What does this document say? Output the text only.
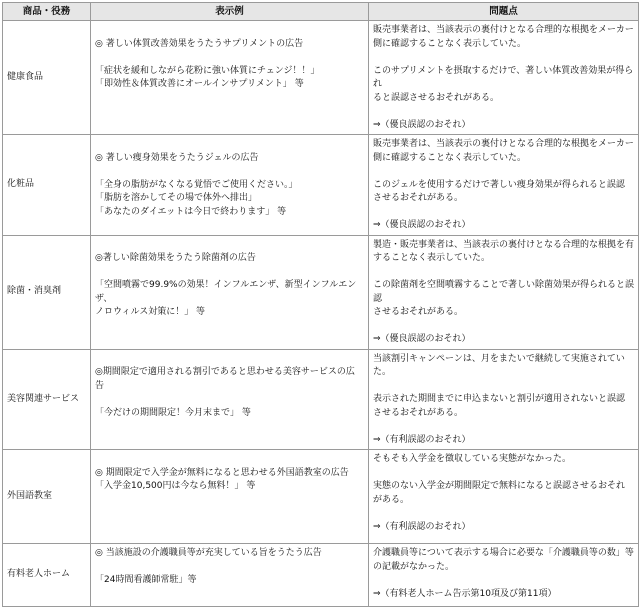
商品・役務	表示例	問題点
健康食品	◎ 著しい体質改善効果をうたうサプリメントの広告
「症状を緩和しながら花粉に強い体質にチェンジ！！」
「即効性＆体質改善にオールインサプリメント」 等	販売事業者は、当該表示の裏付けとなる合理的な根拠をメーカー
側に確認することなく表示していた。
このサプリメントを摂取するだけで、著しい体質改善効果が得られ
ると誤認させるおそれがある。
⇒（優良誤認のおそれ）

化粧品	◎ 著しい痩身効果をうたうジェルの広告
「全身の脂肪がなくなる覚悟でご使用ください。」
「脂肪を溶かしてその場で体外へ排出」
「あなたのダイエットは今日で終わります」 等	販売事業者は、当該表示の裏付けとなる合理的な根拠をメーカー
側に確認することなく表示していた。
このジェルを使用するだけで著しい痩身効果が得られると誤認
させるおそれがある。
⇒（優良誤認のおそれ）

除菌・消臭剤	◎著しい除菌効果をうたう除菌剤の広告
「空間噴霧で99.9%の効果！インフルエンザ、新型インフルエンザ、
ノロウィルス対策に！」 等	製造・販売事業者は、当該表示の裏付けとなる合理的な根拠を有
することなく表示していた。
この除菌剤を空間噴霧することで著しい除菌効果が得られると誤認
させるおそれがある。
⇒（優良誤認のおそれ）

美容関連サービス	◎期間限定で適用される割引であると思わせる美容サービスの広
告
「今だけの期間限定！今月末まで」 等	当該割引キャンペーンは、月をまたいで継続して実施されていた。
表示された期間までに申込まないと割引が適用されないと誤認
させるおそれがある。
⇒（有利誤認のおそれ）

外国語教室	◎ 期間限定で入学金が無料になると思わせる外国語教室の広告
「入学金10,500円は今なら無料！」 等	そもそも入学金を徴収している実態がなかった。
実態のない入学金が期間限定で無料になると誤認させるおそれ
がある。
⇒（有利誤認のおそれ）

有料老人ホーム	◎ 当該施設の介護職員等が充実している旨をうたう広告
「24時間看護師常駐」等	介護職員等について表示する場合に必要な「介護職員等の数」等
の記載がなかった。
⇒（有料老人ホーム告示第10項及び第11項）
